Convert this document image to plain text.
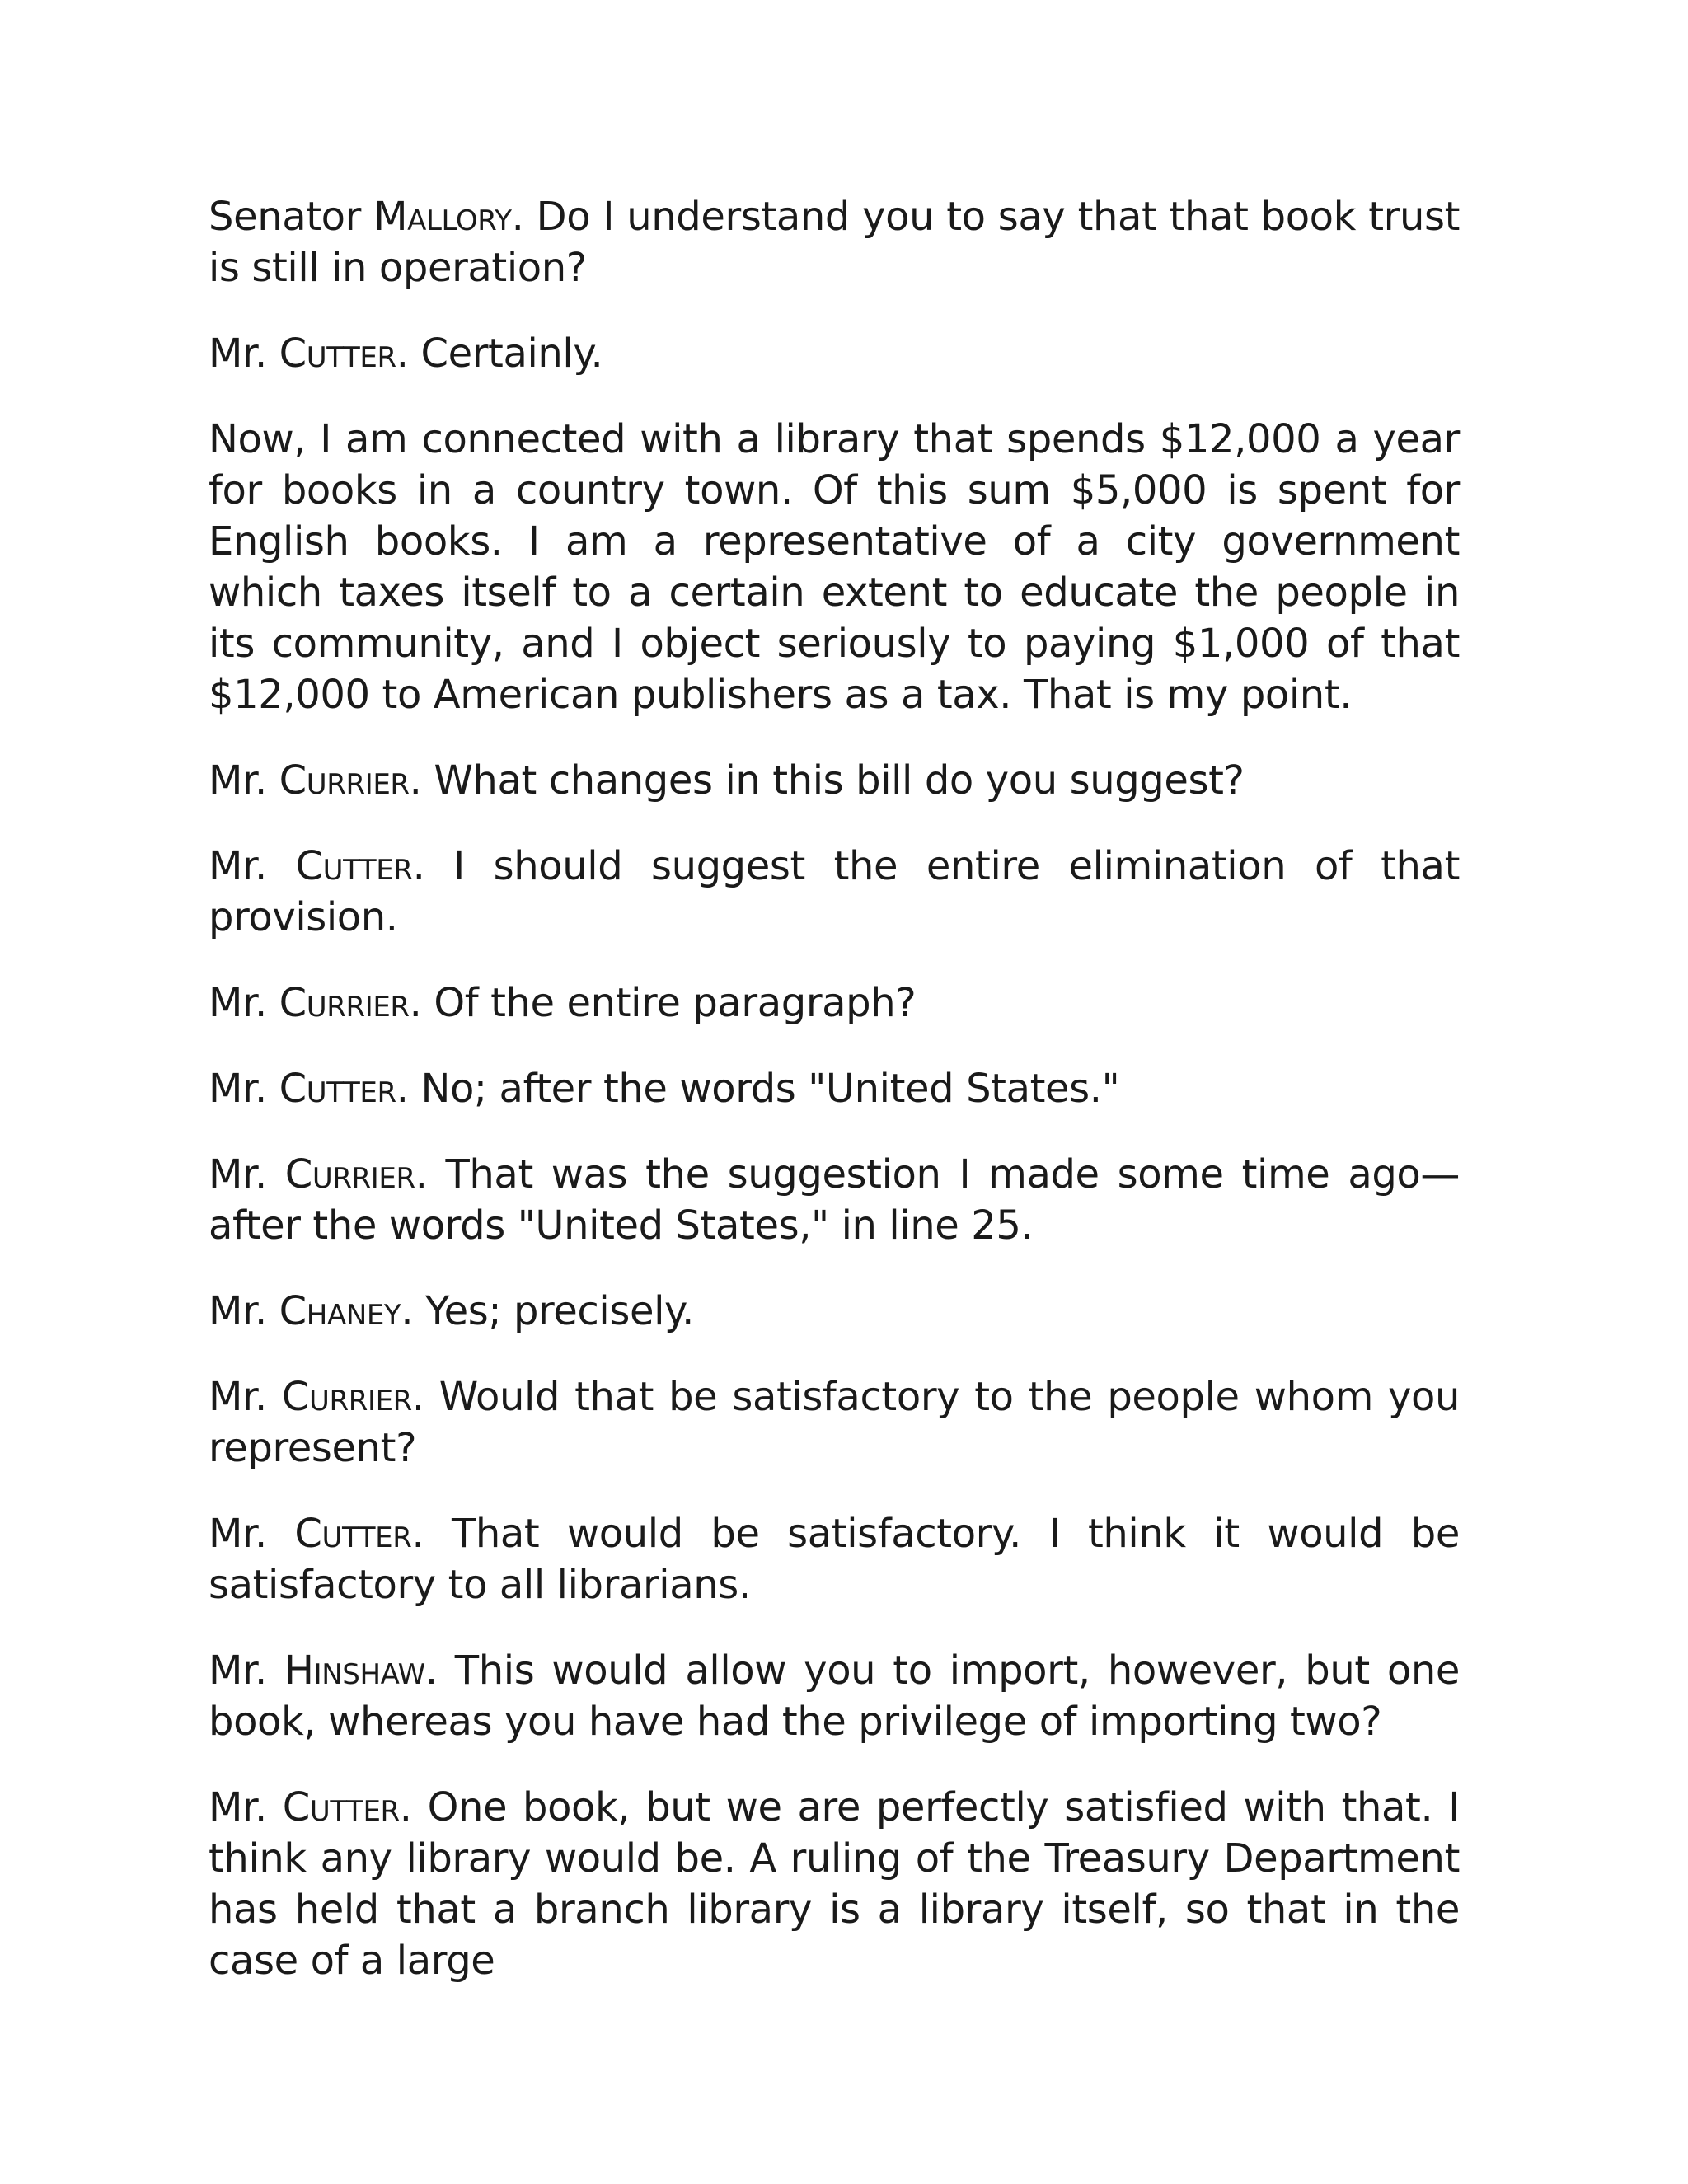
Senator Mallory. Do I understand you to say that that book trust is still in operation?

Mr. Cutter. Certainly.

Now, I am connected with a library that spends $12,000 a year for books in a country town. Of this sum $5,000 is spent for English books. I am a representative of a city government which taxes itself to a certain extent to educate the people in its community, and I object seriously to paying $1,000 of that $12,000 to American publishers as a tax. That is my point.

Mr. Currier. What changes in this bill do you suggest?

Mr. Cutter. I should suggest the entire elimination of that provision.

Mr. Currier. Of the entire paragraph?

Mr. Cutter. No; after the words "United States."

Mr. Currier. That was the suggestion I made some time ago—after the words "United States," in line 25.

Mr. Chaney. Yes; precisely.

Mr. Currier. Would that be satisfactory to the people whom you represent?

Mr. Cutter. That would be satisfactory. I think it would be satisfactory to all librarians.

Mr. Hinshaw. This would allow you to import, however, but one book, whereas you have had the privilege of importing two?

Mr. Cutter. One book, but we are perfectly satisfied with that. I think any library would be. A ruling of the Treasury Department has held that a branch library is a library itself, so that in the case of a large
